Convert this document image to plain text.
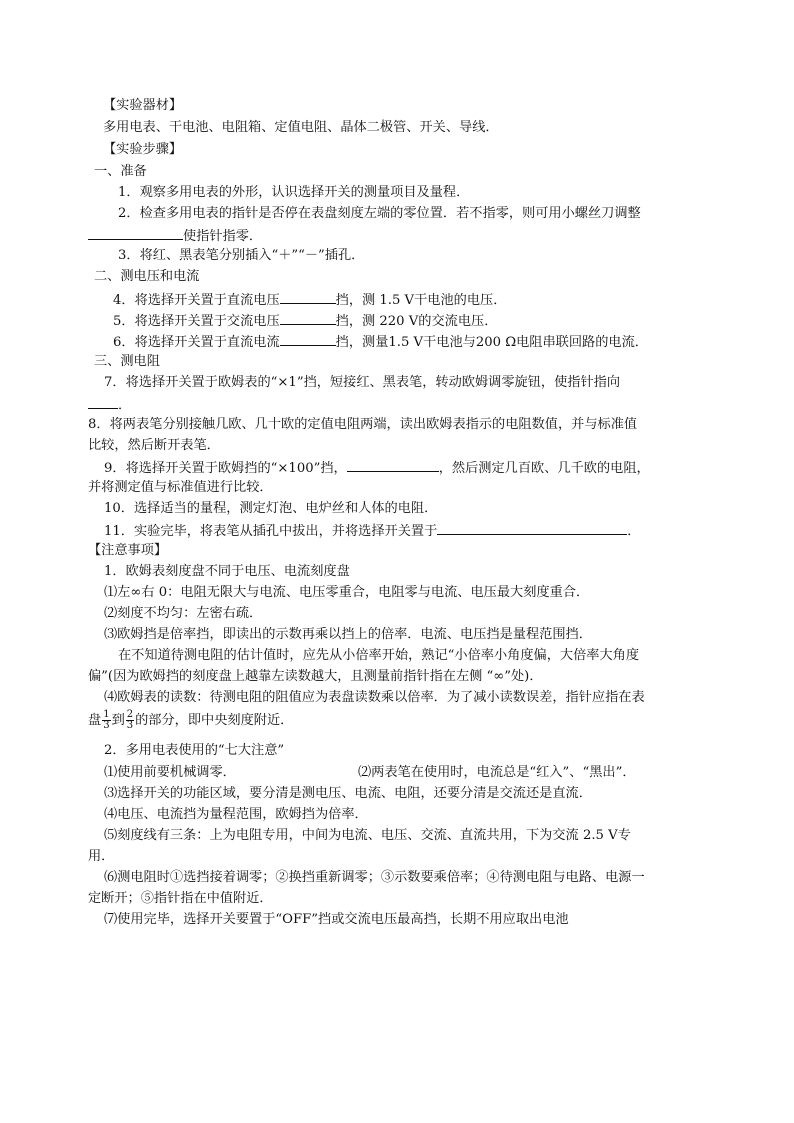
【实验器材】
多用电表、干电池、电阻箱、定值电阻、晶体二极管、开关、导线．
【实验步骤】
一、准备
1．观察多用电表的外形，认识选择开关的测量项目及量程．
2．检查多用电表的指针是否停在表盘刻度左端的零位置．若不指零，则可用小螺丝刀调整
使指针指零．
3．将红、黑表笔分别插入“＋”“－”插孔．
二、测电压和电流
4．将选择开关置于直流电压	挡，测 1.5 V干电池的电压．
5．将选择开关置于交流电压	挡，测 220 V的交流电压．
6．将选择开关置于直流电流	挡，测量1.5 V干电池与200 Ω电阻串联回路的电流．
三、测电阻
7．将选择开关置于欧姆表的“×1”挡，短接红、黑表笔，转动欧姆调零旋钮，使指针指向
．
8．将两表笔分别接触几欧、几十欧的定值电阻两端，读出欧姆表指示的电阻数值，并与标准值
比较，然后断开表笔．
9．将选择开关置于欧姆挡的“×100”挡，	，然后测定几百欧、几千欧的电阻，
并将测定值与标准值进行比较．
10．选择适当的量程，测定灯泡、电炉丝和人体的电阻．
11．实验完毕，将表笔从插孔中拔出，并将选择开关置于	．
【注意事项】
1．欧姆表刻度盘不同于电压、电流刻度盘
⑴左∞右 0：电阻无限大与电流、电压零重合，电阻零与电流、电压最大刻度重合．
⑵刻度不均匀：左密右疏．
⑶欧姆挡是倍率挡，即读出的示数再乘以挡上的倍率．电流、电压挡是量程范围挡．
在不知道待测电阻的估计值时，应先从小倍率开始，熟记“小倍率小角度偏，大倍率大角度
偏”(因为欧姆挡的刻度盘上越靠左读数越大，且测量前指针指在左侧 “∞”处)．
⑷欧姆表的读数：待测电阻的阻值应为表盘读数乘以倍率．为了减小读数误差，指针应指在表
盘 $\frac{1}{3}$ 到 $\frac{2}{3}$ 的部分，即中央刻度附近．
2．多用电表使用的“七大注意”
⑴使用前要机械调零．	⑵两表笔在使用时，电流总是“红入”、“黑出”．
⑶选择开关的功能区域，要分清是测电压、电流、电阻，还要分清是交流还是直流．
⑷电压、电流挡为量程范围，欧姆挡为倍率．
⑸刻度线有三条：上为电阻专用，中间为电流、电压、交流、直流共用，下为交流 2.5 V专
用．
⑹测电阻时①选挡接着调零；②换挡重新调零；③示数要乘倍率；④待测电阻与电路、电源一
定断开；⑤指针指在中值附近．
⑺使用完毕，选择开关要置于“OFF”挡或交流电压最高挡，长期不用应取出电池
